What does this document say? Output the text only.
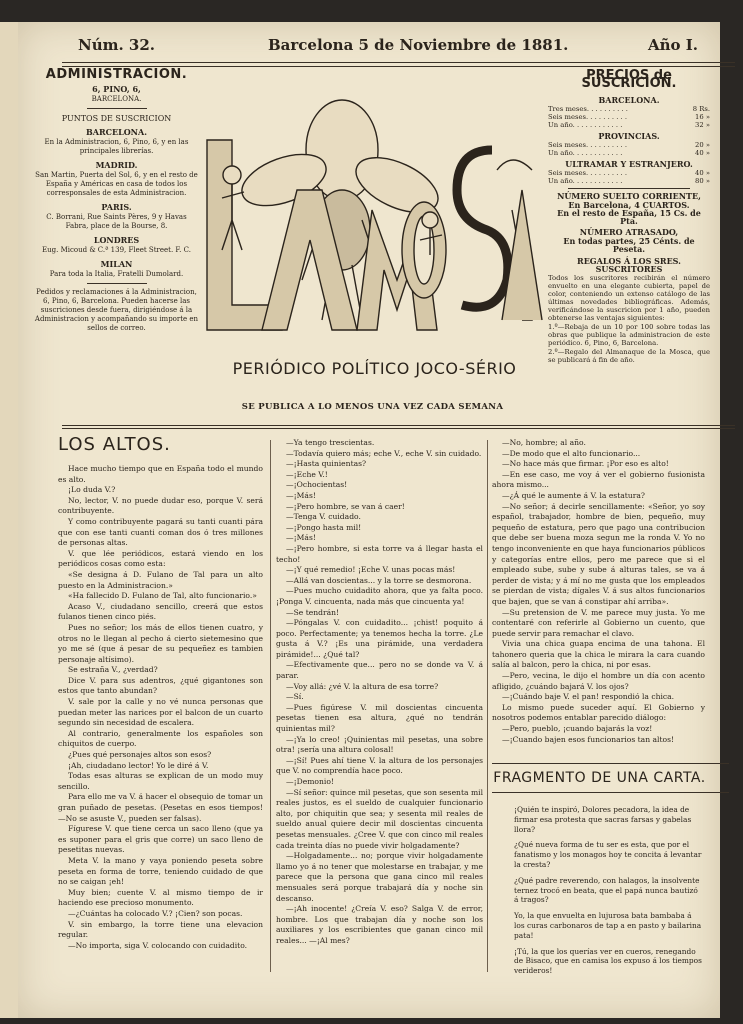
Núm. 32.	Barcelona 5 de Noviembre de 1881.	Año I.
ADMINISTRACION.
6, PINO, 6,

BARCELONA.

PUNTOS DE SUSCRICION
BARCELONA.

En la Administracion, 6, Pino, 6, y en las principales librerías.

MADRID.

San Martin, Puerta del Sol, 6, y en el resto de España y Américas en casa de todos los corresponsales de esta Administracion.

PARIS.

C. Borrani, Rue Saints Pères, 9 y Havas Fabra, place de la Bourse, 8.

LONDRES

Eug. Micoud & C.ª 139, Fleet Street. F. C.

MILAN

Para toda la Italia, Fratelli Dumolard.

Pedidos y reclamaciones á la Administracion, 6, Pino, 6, Barcelona. Pueden hacerse las suscriciones desde fuera, dirigiéndose á la Administracion y acompañando su importe en sellos de correo.

PRECIOS de SUSCRICION.
BARCELONA.
Tres meses. . . . . . . . . .	8 Rs.
Seis meses. . . . . . . . . .	16 »
Un año. . . . . . . . . . . .	32 »
PROVINCIAS.
Seis meses. . . . . . . . . .	20 »
Un año. . . . . . . . . . . .	40 »
ULTRAMAR Y ESTRANJERO.
Seis meses. . . . . . . . . .	40 »
Un año. . . . . . . . . . . .	80 »
NÚMERO SUELTO CORRIENTE,
En Barcelona, 4 CUARTOS.
En el resto de España, 15 Cs. de Pta.
NÚMERO ATRASADO,
En todas partes, 25 Cénts. de Peseta.
REGALOS Á LOS SRES. SUSCRITORES

Todos los suscritores recibirán el número envuelto en una elegante cubierta, papel de color, conteniendo un extenso catálogo de las últimas novedades bibliográficas. Además, verificándose la suscricion por 1 año, pueden obtenerse las ventajas siguientes:

1.º—Rebaja de un 10 por 100 sobre todas las obras que publique la administracion de este periódico. 6, Pino, 6, Barcelona.

2.º—Regalo del Almanaque de la Mosca, que se publicará á fin de año.

LA MOSCA
PERIÓDICO POLÍTICO JOCO-SÉRIO
SE PUBLICA A LO MENOS UNA VEZ CADA SEMANA
LOS ALTOS.

Hace mucho tiempo que en España todo el mundo es alto.

¡Lo duda V.?

No, lector, V. no puede dudar eso, porque V. será contribuyente.

Y como contribuyente pagará su tanti cuanti pára que con ese tanti cuanti coman dos ó tres millones de personas altas.

V. que lée periódicos, estará viendo en los periódicos cosas como esta:

«Se designa á D. Fulano de Tal para un alto puesto en la Administracion.»

«Ha fallecido D. Fulano de Tal, alto funcionario.»

Acaso V., ciudadano sencillo, creerá que estos fulanos tienen cinco piés.

Pues no señor; los más de ellos tienen cuatro, y otros no le llegan al pecho á cierto sietemesino que yo me sé (que á pesar de su pequeñez es tambien personaje altísimo).

Se estraña V., ¿verdad?

Dice V. para sus adentros, ¿qué gigantones son estos que tanto abundan?

V. sale por la calle y no vé nunca personas que puedan meter las narices por el balcon de un cuarto segundo sin necesidad de escalera.

Al contrario, generalmente los españoles son chiquitos de cuerpo.

¿Pues qué personajes altos son esos?

¡Ah, ciudadano lector! Yo le diré á V.

Todas esas alturas se explican de un modo muy sencillo.

Para ello me va V. á hacer el obsequio de tomar un gran puñado de pesetas. (Pesetas en esos tiempos! —No se asuste V., pueden ser falsas).

Fígurese V. que tiene cerca un saco lleno (que ya es suponer para el gris que corre) un saco lleno de pesetitas nuevas.

Meta V. la mano y vaya poniendo peseta sobre peseta en forma de torre, teniendo cuidado de que no se caigan ¡eh!

Muy bien; cuente V. al mismo tiempo de ir haciendo ese precioso monumento.

—¿Cuántas ha colocado V.? ¡Cien? son pocas.

V. sin embargo, la torre tiene una elevacion regular.

—No importa, siga V. colocando con cuidadito.

—Ya tengo trescientas.

—Todavía quiero más; eche V., eche V. sin cuidado.

—¡Hasta quinientas?

—¡Eche V.!

—¡Ochocientas!

—¡Más!

—¡Pero hombre, se van á caer!

—Tenga V. cuidado.

—¡Pongo hasta mil!

—¡Más!

—¡Pero hombre, si esta torre va á llegar hasta el techo!

—¡Y qué remedio! ¡Eche V. unas pocas más!

—Allá van doscientas... y la torre se desmorona.

—Pues mucho cuidadito ahora, que ya falta poco. ¡Ponga V. cincuenta, nada más que cincuenta ya!

—Se tendrán!

—Póngalas V. con cuidadito... ¡chist! poquito á poco. Perfectamente; ya tenemos hecha la torre. ¿Le gusta á V.? ¡Es una pirámide, una verdadera pirámide!... ¿Qué tal?

—Efectivamente que... pero no se donde va V. á parar.

—Voy allá: ¿vé V. la altura de esa torre?

—Sí.

—Pues figúrese V. mil doscientas cincuenta pesetas tienen esa altura, ¿qué no tendrán quinientas mil?

—¡Ya lo creo! ¡Quinientas mil pesetas, una sobre otra! ¡sería una altura colosal!

—¡Sí! Pues ahí tiene V. la altura de los personajes que V. no comprendía hace poco.

—¡Demonio!

—Sí señor: quince mil pesetas, que son sesenta mil reales justos, es el sueldo de cualquier funcionario alto, por chiquitin que sea; y sesenta mil reales de sueldo anual quiere decir mil doscientas cincuenta pesetas mensuales. ¿Cree V. que con cinco mil reales cada treinta días no puede vivir holgadamente?

—Holgadamente... no; porque vivir holgadamente llamo yo á no tener que molestarse en trabajar, y me parece que la persona que gana cinco mil reales mensuales será porque trabajará día y noche sin descanso.

—¡Ah inocente! ¿Creía V. eso? Salga V. de error, hombre. Los que trabajan día y noche son los auxiliares y los escribientes que ganan cinco mil reales... —¡Al mes?

—No, hombre; al año.

—De modo que el alto funcionario...

—No hace más que firmar. ¡Por eso es alto!

—En ese caso, me voy á ver el gobierno fusionista ahora mismo...

—¿Á qué le aumente á V. la estatura?

—No señor; á decirle sencillamente: «Señor, yo soy español, trabajador, hombre de bien, pequeño, muy pequeño de estatura, pero que pago una contribucion que debe ser buena moza segun me la ronda V. Yo no tengo inconveniente en que haya funcionarios públicos y categorías entre ellos, pero me parece que si el empleado sube, sube y sube á alturas tales, se va á perder de vista; y á mí no me gusta que los empleados se pierdan de vista; dígales V. á sus altos funcionarios que bajen, que se van á constipar ahí arriba».

—Su pretension de V. me parece muy justa. Yo me contentaré con referirle al Gobierno un cuento, que puede servir para remachar el clavo.

Vivia una chica guapa encima de una tahona. El tahonero queria que la chica le mirara la cara cuando salía al balcon, pero la chica, ni por esas.

—Pero, vecina, le dijo el hombre un día con acento afligido, ¿cuándo bajará V. los ojos?

—¡Cuándo baje V. el pan! respondió la chica.

Lo mismo puede suceder aquí. El Gobierno y nosotros podemos entablar parecido diálogo:

—Pero, pueblo, ¡cuando bajarás la voz!

—¡Cuando bajen esos funcionarios tan altos!

FRAGMENTO DE UNA CARTA.

¡Quién te inspiró, Dolores pecadora, la idea de firmar esa protesta que sacras farsas y gabelas llora?

¿Qué nueva forma de tu ser es esta, que por el fanatismo y los monagos hoy te concita á levantar la cresta?

¿Qué padre reverendo, con halagos, la insolvente ternez trocó en beata, que el papá nunca bautizó á tragos?

Yo, la que envuelta en lujurosa bata bambaba á los curas carbonaros de tap a en pasto y bailarina pata!

¡Tú, la que los querías ver en cueros, renegando de Bisaco, que en camisa los expuso á los tiempos verideros!
